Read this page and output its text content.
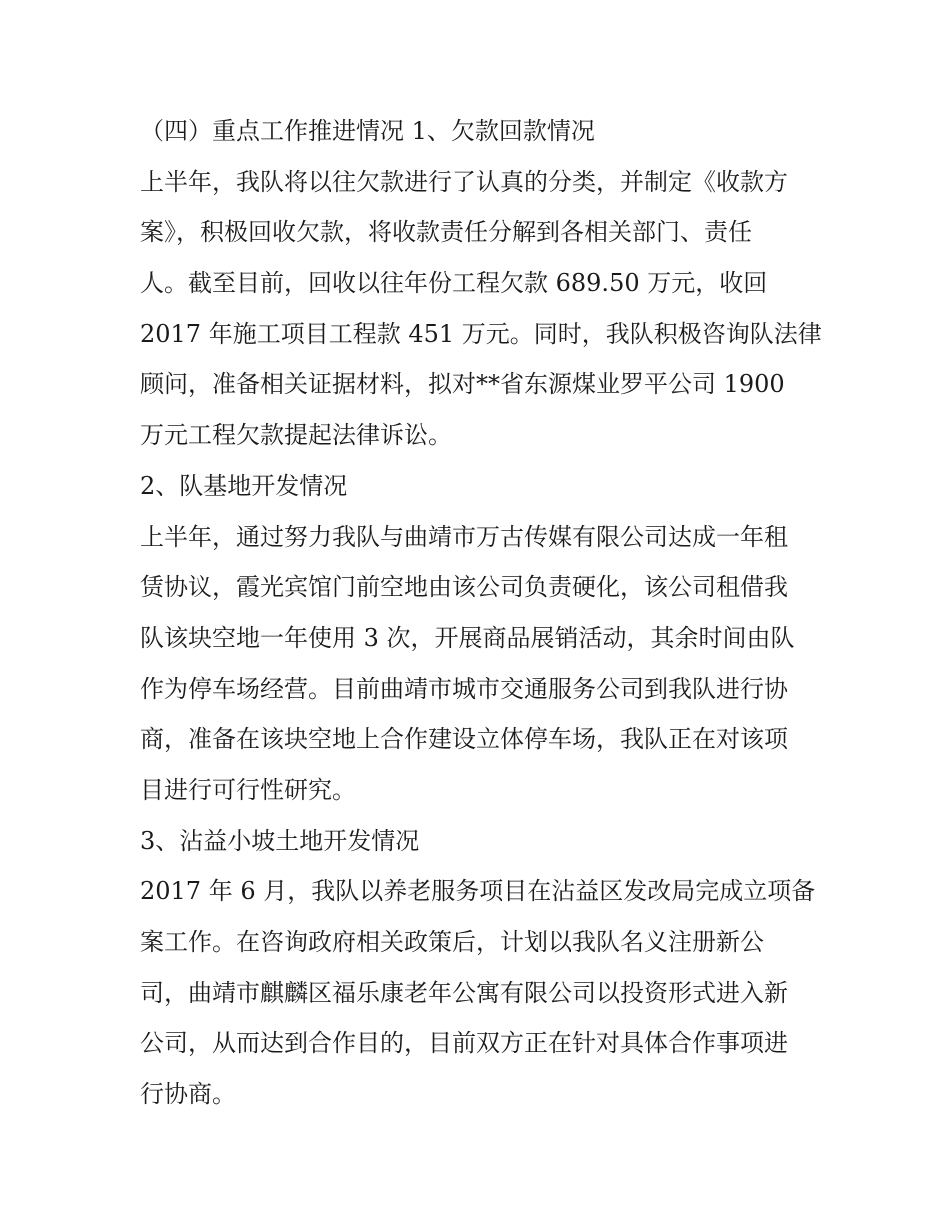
（四）重点工作推进情况 1、欠款回款情况
上半年，我队将以往欠款进行了认真的分类，并制定《收款方
案》，积极回收欠款，将收款责任分解到各相关部门、责任
人。截至目前，回收以往年份工程欠款 689.50 万元，收回
2017 年施工项目工程款 451 万元。同时，我队积极咨询队法律
顾问，准备相关证据材料，拟对**省东源煤业罗平公司 1900
万元工程欠款提起法律诉讼。
2、队基地开发情况
上半年，通过努力我队与曲靖市万古传媒有限公司达成一年租
赁协议，霞光宾馆门前空地由该公司负责硬化，该公司租借我
队该块空地一年使用 3 次，开展商品展销活动，其余时间由队
作为停车场经营。目前曲靖市城市交通服务公司到我队进行协
商，准备在该块空地上合作建设立体停车场，我队正在对该项
目进行可行性研究。
3、沾益小坡土地开发情况
2017 年 6 月，我队以养老服务项目在沾益区发改局完成立项备
案工作。在咨询政府相关政策后，计划以我队名义注册新公
司，曲靖市麒麟区福乐康老年公寓有限公司以投资形式进入新
公司，从而达到合作目的，目前双方正在针对具体合作事项进
行协商。
